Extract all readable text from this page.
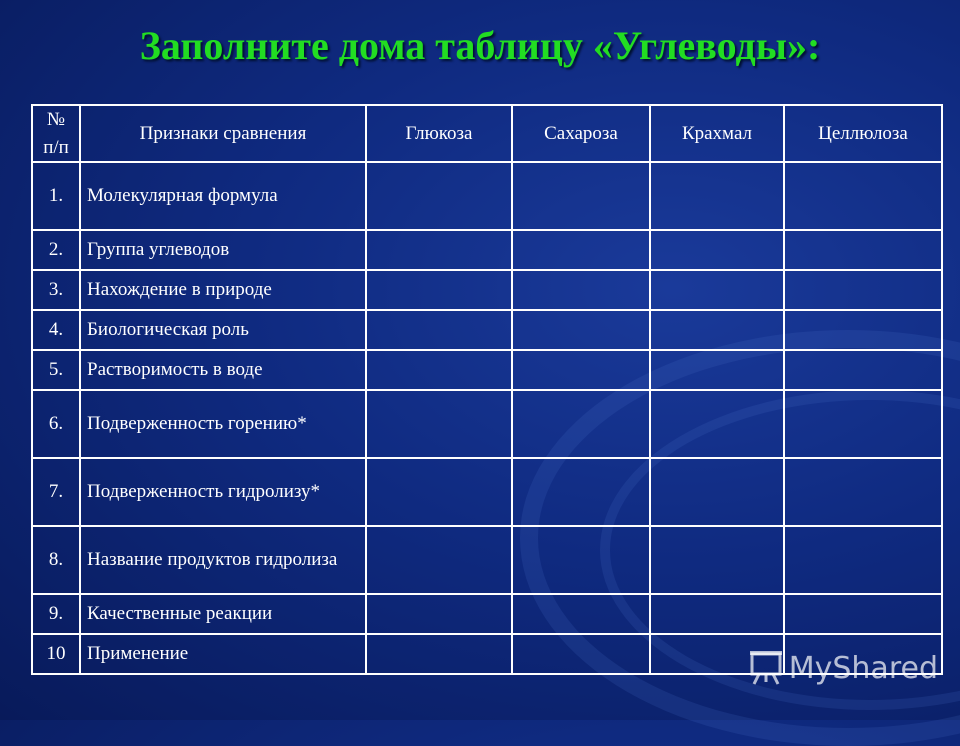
Заполните дома таблицу «Углеводы»:
№ п/п	Признаки сравнения	Глюкоза	Сахароза	Крахмал	Целлюлоза
1.	Молекулярная формула				
2.	Группа углеводов				
3.	Нахождение в природе				
4.	Биологическая роль				
5.	Растворимость в воде				
6.	Подверженность горению*				
7.	Подверженность гидролизу*				
8.	Название продуктов гидролиза				
9.	Качественные реакции				
10	Применение					MyShared
